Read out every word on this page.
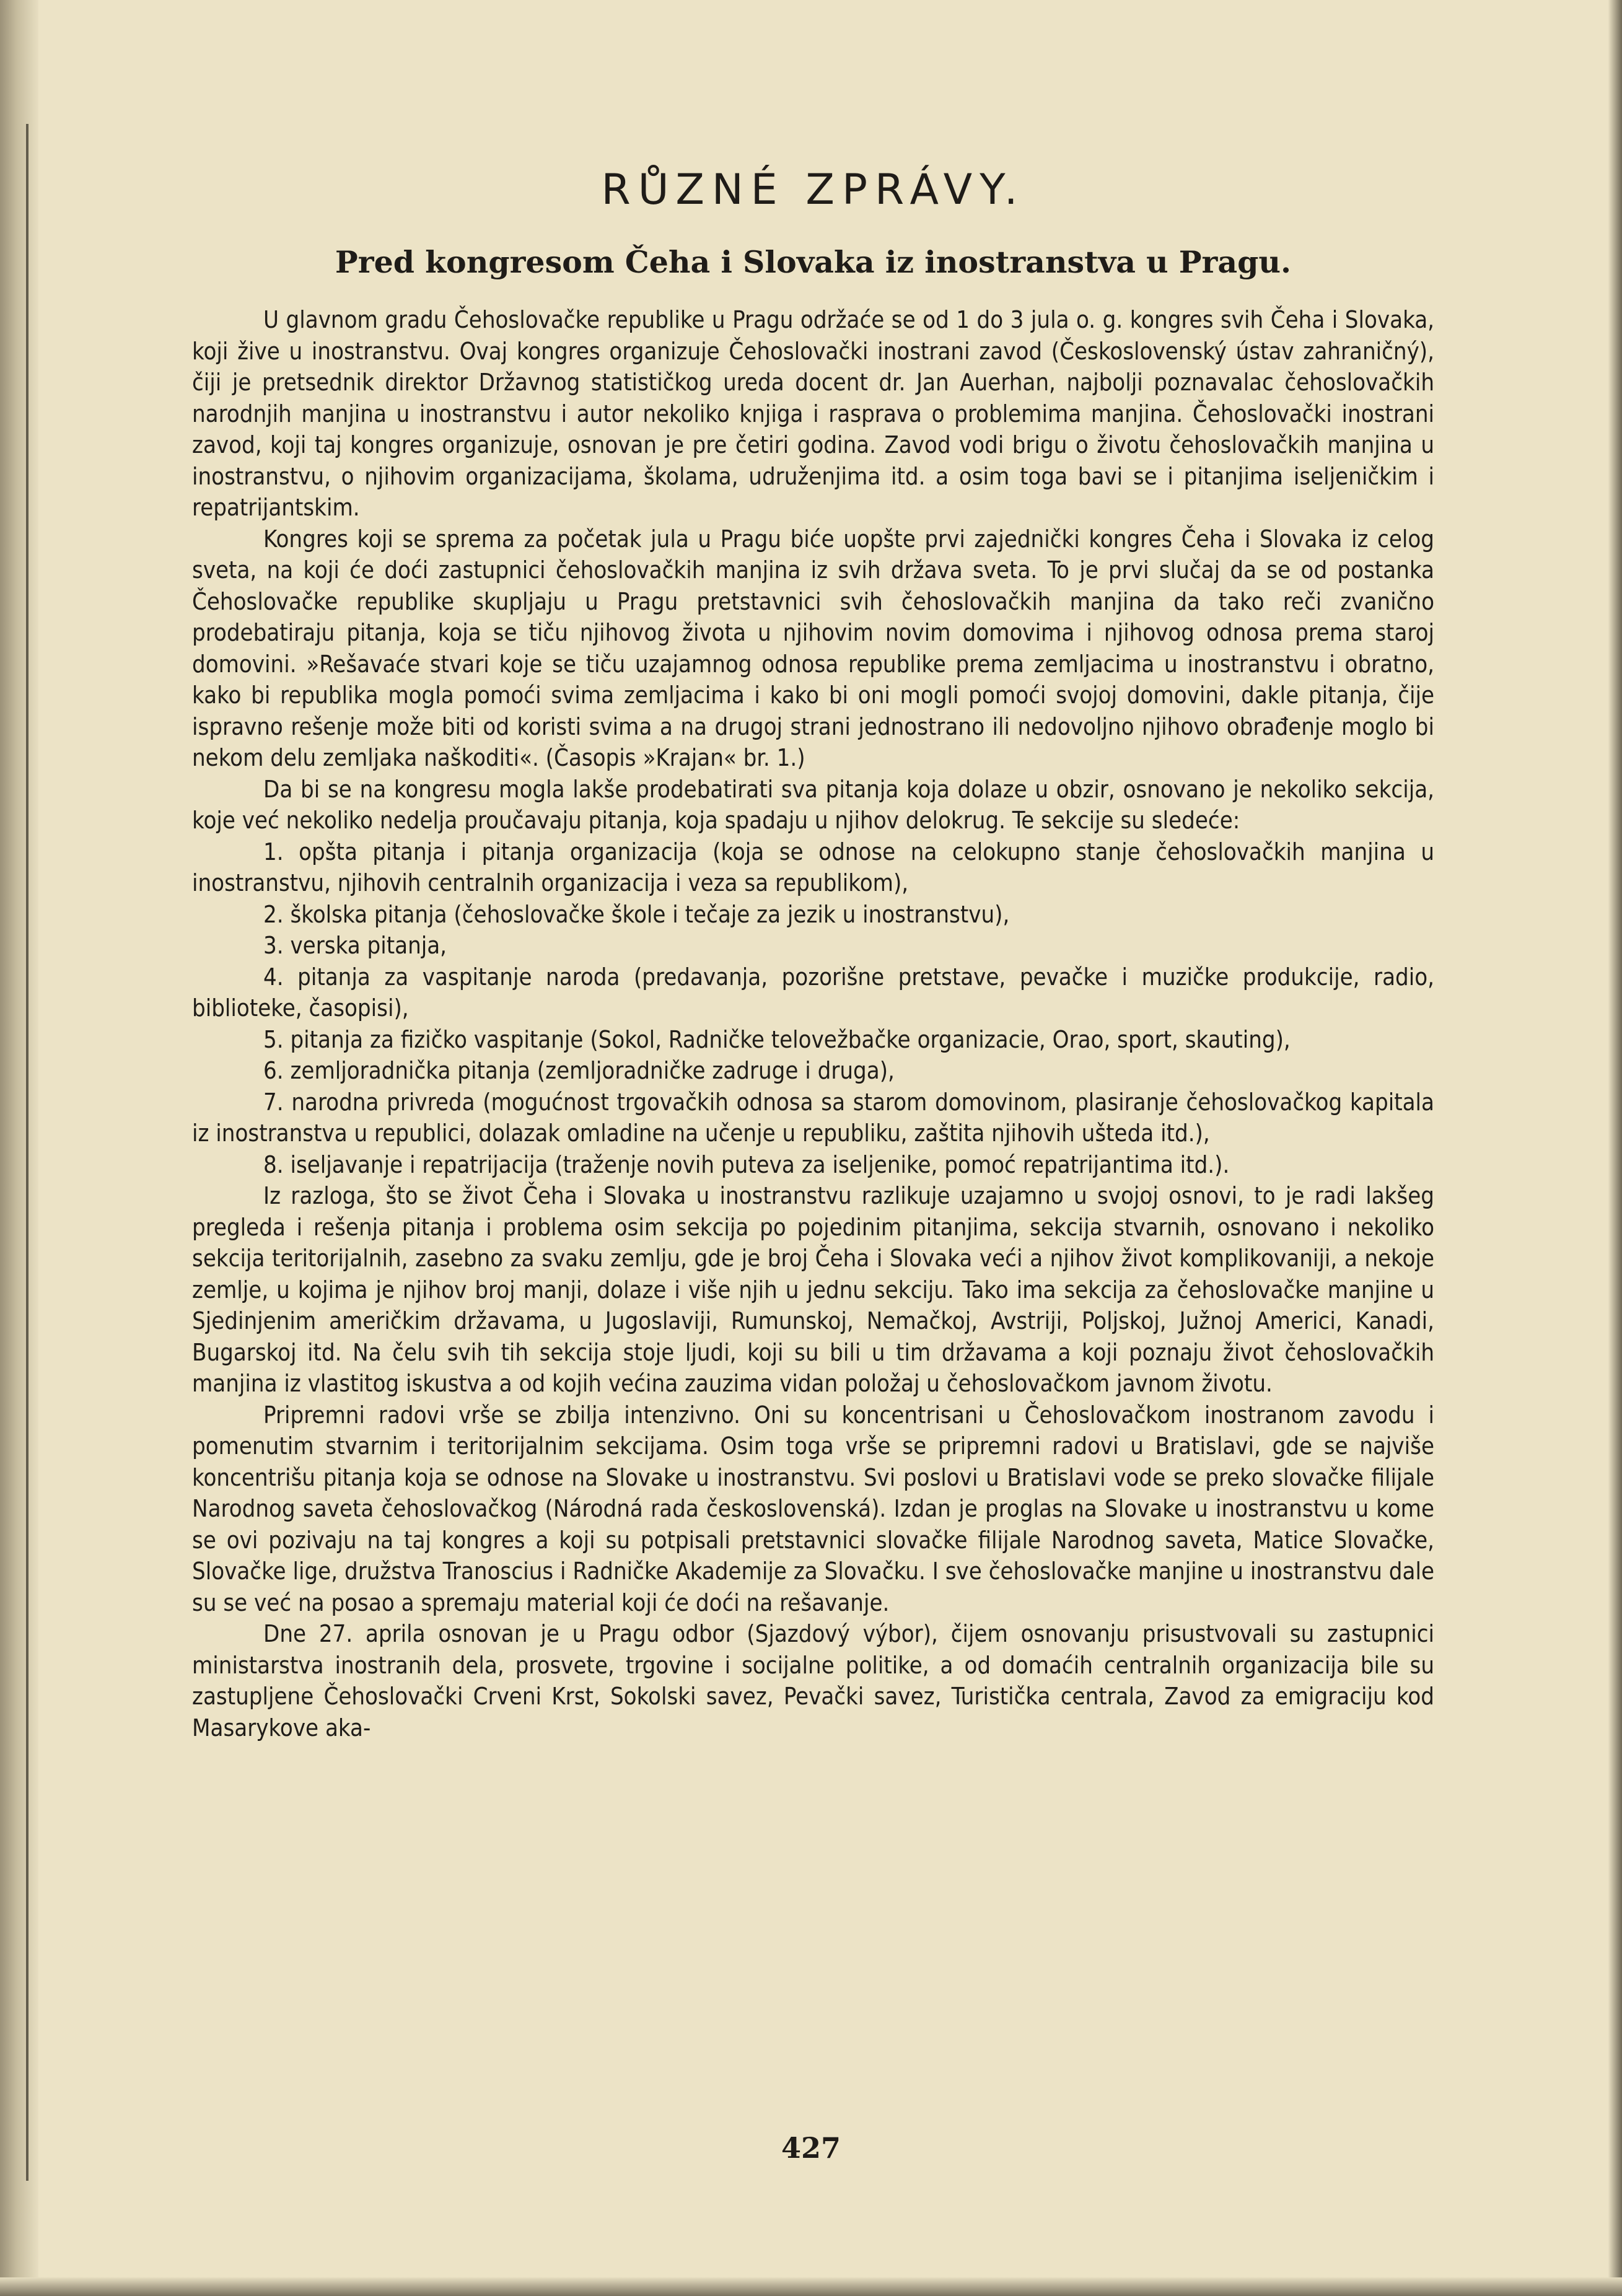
RŮZNÉ ZPRÁVY.
Pred kongresom Čeha i Slovaka iz inostranstva u Pragu.

U glavnom gradu Čehoslovačke republike u Pragu održaće se od 1 do 3 jula o. g. kongres svih Čeha i Slovaka, koji žive u inostranstvu. Ovaj kongres organizuje Čehoslovački inostrani zavod (Československý ústav zahraničný), čiji je pretsednik direktor Državnog statističkog ureda docent dr. Jan Auerhan, najbolji poznavalac čehoslovačkih narodnjih manjina u inostranstvu i autor nekoliko knjiga i rasprava o problemima manjina. Čehoslovački inostrani zavod, koji taj kongres organizuje, osnovan je pre četiri godina. Zavod vodi brigu o životu čehoslovačkih manjina u inostranstvu, o njihovim organizacijama, školama, udruženjima itd. a osim toga bavi se i pitanjima iseljeničkim i repatrijantskim.

Kongres koji se sprema za početak jula u Pragu biće uopšte prvi zajednički kongres Čeha i Slovaka iz celog sveta, na koji će doći zastupnici čehoslovačkih manjina iz svih država sveta. To je prvi slučaj da se od postanka Čehoslovačke republike skupljaju u Pragu pretstavnici svih čehoslovačkih manjina da tako reči zvanično prodebatiraju pitanja, koja se tiču njihovog života u njihovim novim domovima i njihovog odnosa prema staroj domovini. »Rešavaće stvari koje se tiču uzajamnog odnosa republike prema zemljacima u inostranstvu i obratno, kako bi republika mogla pomoći svima zemljacima i kako bi oni mogli pomoći svojoj domovini, dakle pitanja, čije ispravno rešenje može biti od koristi svima a na drugoj strani jednostrano ili nedovoljno njihovo obrađenje moglo bi nekom delu zemljaka naškoditi«. (Časopis »Krajan« br. 1.)

Da bi se na kongresu mogla lakše prodebatirati sva pitanja koja dolaze u obzir, osnovano je nekoliko sekcija, koje već nekoliko nedelja proučavaju pitanja, koja spadaju u njihov delokrug. Te sekcije su sledeće:

1. opšta pitanja i pitanja organizacija (koja se odnose na celokupno stanje čehoslovačkih manjina u inostranstvu, njihovih centralnih organizacija i veza sa republikom),
2. školska pitanja (čehoslovačke škole i tečaje za jezik u inostranstvu),
3. verska pitanja,
4. pitanja za vaspitanje naroda (predavanja, pozorišne pretstave, pevačke i muzičke produkcije, radio, biblioteke, časopisi),
5. pitanja za fizičko vaspitanje (Sokol, Radničke telovežbačke organizacie, Orao, sport, skauting),
6. zemljoradnička pitanja (zemljoradničke zadruge i druga),
7. narodna privreda (mogućnost trgovačkih odnosa sa starom domovinom, plasiranje čehoslovačkog kapitala iz inostranstva u republici, dolazak omladine na učenje u republiku, zaštita njihovih ušteda itd.),
8. iseljavanje i repatrijacija (traženje novih puteva za iseljenike, pomoć repatrijantima itd.).

Iz razloga, što se život Čeha i Slovaka u inostranstvu razlikuje uzajamno u svojoj osnovi, to je radi lakšeg pregleda i rešenja pitanja i problema osim sekcija po pojedinim pitanjima, sekcija stvarnih, osnovano i nekoliko sekcija teritorijalnih, zasebno za svaku zemlju, gde je broj Čeha i Slovaka veći a njihov život komplikovaniji, a nekoje zemlje, u kojima je njihov broj manji, dolaze i više njih u jednu sekciju. Tako ima sekcija za čehoslovačke manjine u Sjedinjenim američkim državama, u Jugoslaviji, Rumunskoj, Nemačkoj, Avstriji, Poljskoj, Južnoj Americi, Kanadi, Bugarskoj itd. Na čelu svih tih sekcija stoje ljudi, koji su bili u tim državama a koji poznaju život čehoslovačkih manjina iz vlastitog iskustva a od kojih većina zauzima vidan položaj u čehoslovačkom javnom životu.

Pripremni radovi vrše se zbilja intenzivno. Oni su koncentrisani u Čehoslovačkom inostranom zavodu i pomenutim stvarnim i teritorijalnim sekcijama. Osim toga vrše se pripremni radovi u Bratislavi, gde se najviše koncentrišu pitanja koja se odnose na Slovake u inostranstvu. Svi poslovi u Bratislavi vode se preko slovačke filijale Narodnog saveta čehoslovačkog (Národná rada československá). Izdan je proglas na Slovake u inostranstvu u kome se ovi pozivaju na taj kongres a koji su potpisali pretstavnici slovačke filijale Narodnog saveta, Matice Slovačke, Slovačke lige, družstva Tranoscius i Radničke Akademije za Slovačku. I sve čehoslovačke manjine u inostranstvu dale su se već na posao a spremaju material koji će doći na rešavanje.

Dne 27. aprila osnovan je u Pragu odbor (Sjazdový výbor), čijem osnovanju prisustvovali su zastupnici ministarstva inostranih dela, prosvete, trgovine i socijalne politike, a od domaćih centralnih organizacija bile su zastupljene Čehoslovački Crveni Krst, Sokolski savez, Pevački savez, Turistička centrala, Zavod za emigraciju kod Masarykove aka-

427
